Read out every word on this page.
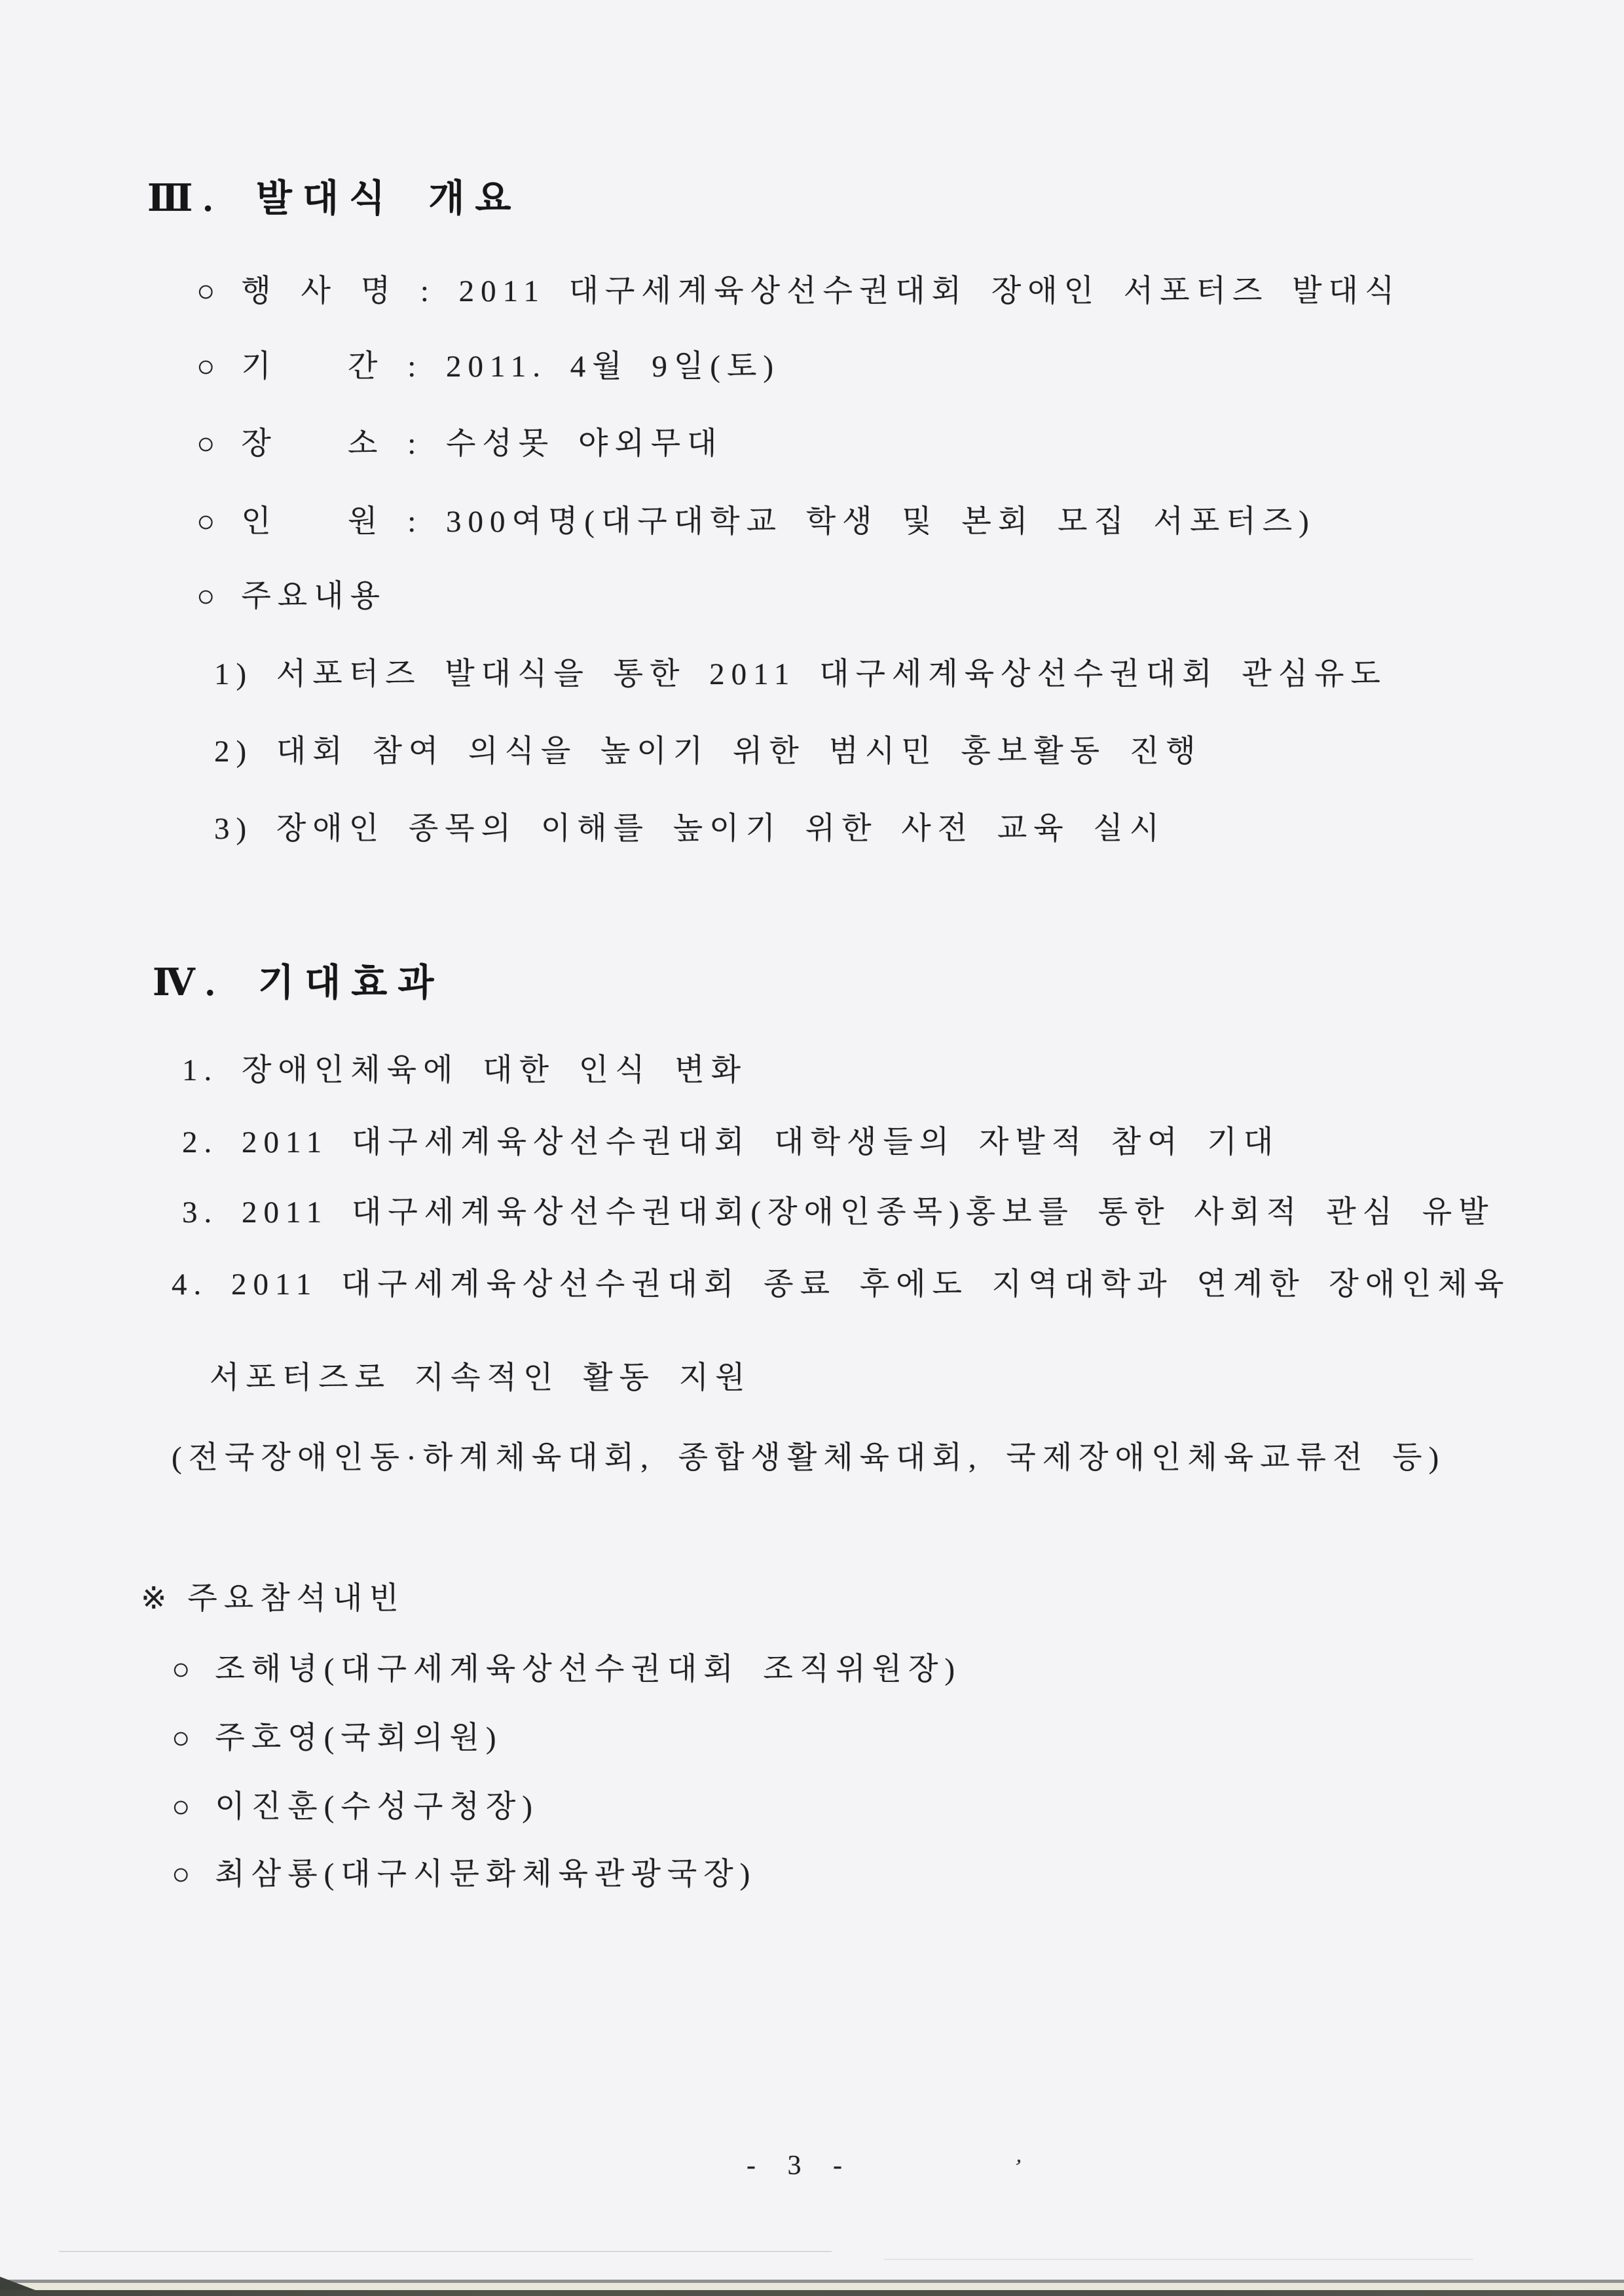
Ⅲ. 발대식 개요
○ 행 사 명 : 2011 대구세계육상선수권대회 장애인 서포터즈 발대식
○ 기   간 : 2011. 4월 9일(토)
○ 장   소 : 수성못 야외무대
○ 인   원 : 300여명(대구대학교 학생 및 본회 모집 서포터즈)
○ 주요내용
1) 서포터즈 발대식을 통한 2011 대구세계육상선수권대회 관심유도
2) 대회 참여 의식을 높이기 위한 범시민 홍보활동 진행
3) 장애인 종목의 이해를 높이기 위한 사전 교육 실시
Ⅳ. 기대효과
1. 장애인체육에 대한 인식 변화
2. 2011 대구세계육상선수권대회 대학생들의 자발적 참여 기대
3. 2011 대구세계육상선수권대회(장애인종목)홍보를 통한 사회적 관심 유발
4. 2011 대구세계육상선수권대회 종료 후에도 지역대학과 연계한 장애인체육
서포터즈로 지속적인 활동 지원
(전국장애인동·하계체육대회, 종합생활체육대회, 국제장애인체육교류전 등)
※ 주요참석내빈
○ 조해녕(대구세계육상선수권대회 조직위원장)
○ 주호영(국회의원)
○ 이진훈(수성구청장)
○ 최삼룡(대구시문화체육관광국장)
- 3 -	’
